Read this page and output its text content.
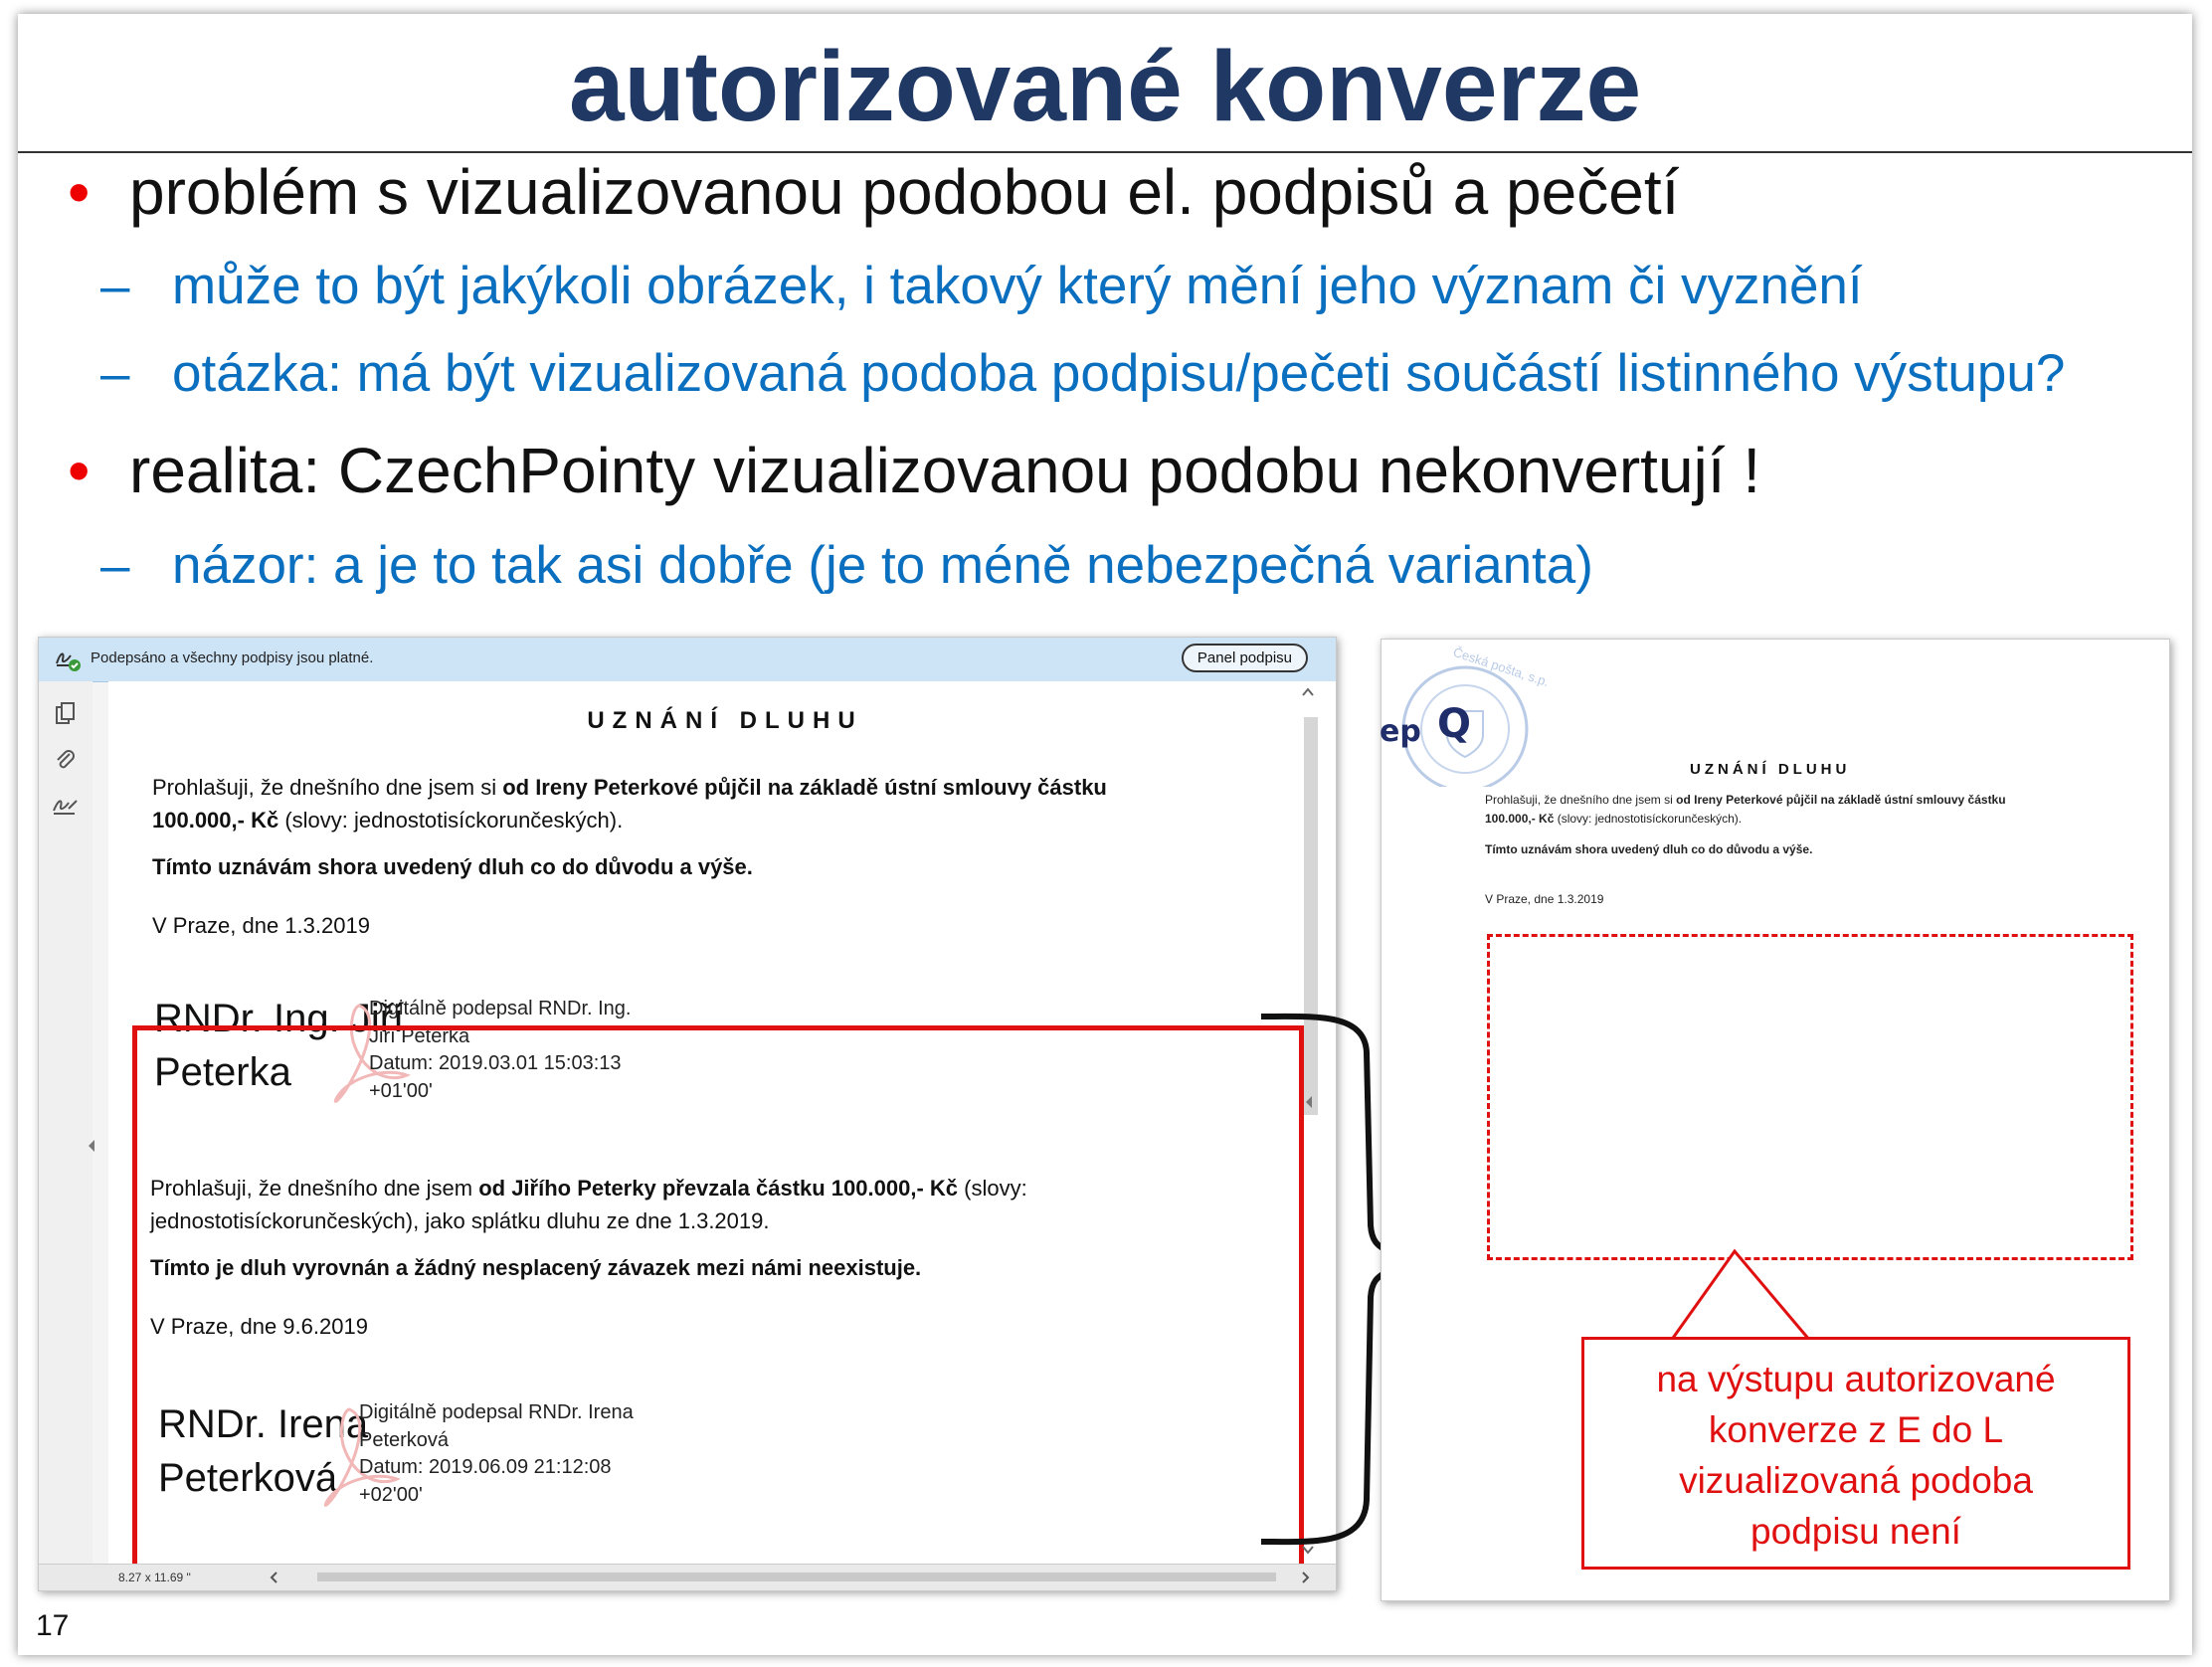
autorizované konverze
• problém s vizualizovanou podobou el. podpisů a pečetí
– může to být jakýkoli obrázek, i takový který mění jeho význam či vyznění
– otázka: má být vizualizovaná podoba podpisu/pečeti součástí listinného výstupu?
• realita: CzechPointy vizualizovanou podobu nekonvertují !
– názor: a je to tak asi dobře (je to méně nebezpečná varianta)
17
Podepsáno a všechny podpisy jsou platné.	Panel podpisu
UZNÁNÍ DLUHU
Prohlašuji, že dnešního dne jsem si od Ireny Peterkové půjčil na základě ústní smlouvy částku
100.000,- Kč (slovy: jednostotisíckorunčeských).
Tímto uznávám shora uvedený dluh co do důvodu a výše.
V Praze, dne 1.3.2019
RNDr. Ing. Jiří
Peterka
Digitálně podepsal RNDr. Ing.
Jiří Peterka
Datum: 2019.03.01 15:03:13
+01'00'
Prohlašuji, že dnešního dne jsem od Jiřího Peterky převzala částku 100.000,- Kč (slovy:
jednostotisíckorunčeských), jako splátku dluhu ze dne 1.3.2019.
Tímto je dluh vyrovnán a žádný nesplacený závazek mezi námi neexistuje.
V Praze, dne 9.6.2019
RNDr. Irena
Peterková
Digitálně podepsal RNDr. Irena
Peterková
Datum: 2019.06.09 21:12:08
+02'00'
8.27 x 11.69 "
Q
ep
Česká pošta, s.p.
UZNÁNÍ DLUHU
Prohlašuji, že dnešního dne jsem si od Ireny Peterkové půjčil na základě ústní smlouvy částku
100.000,- Kč (slovy: jednostotisíckorunčeských).
Tímto uznávám shora uvedený dluh co do důvodu a výše.
V Praze, dne 1.3.2019
na výstupu autorizované
konverze z E do L
vizualizovaná podoba
podpisu není
